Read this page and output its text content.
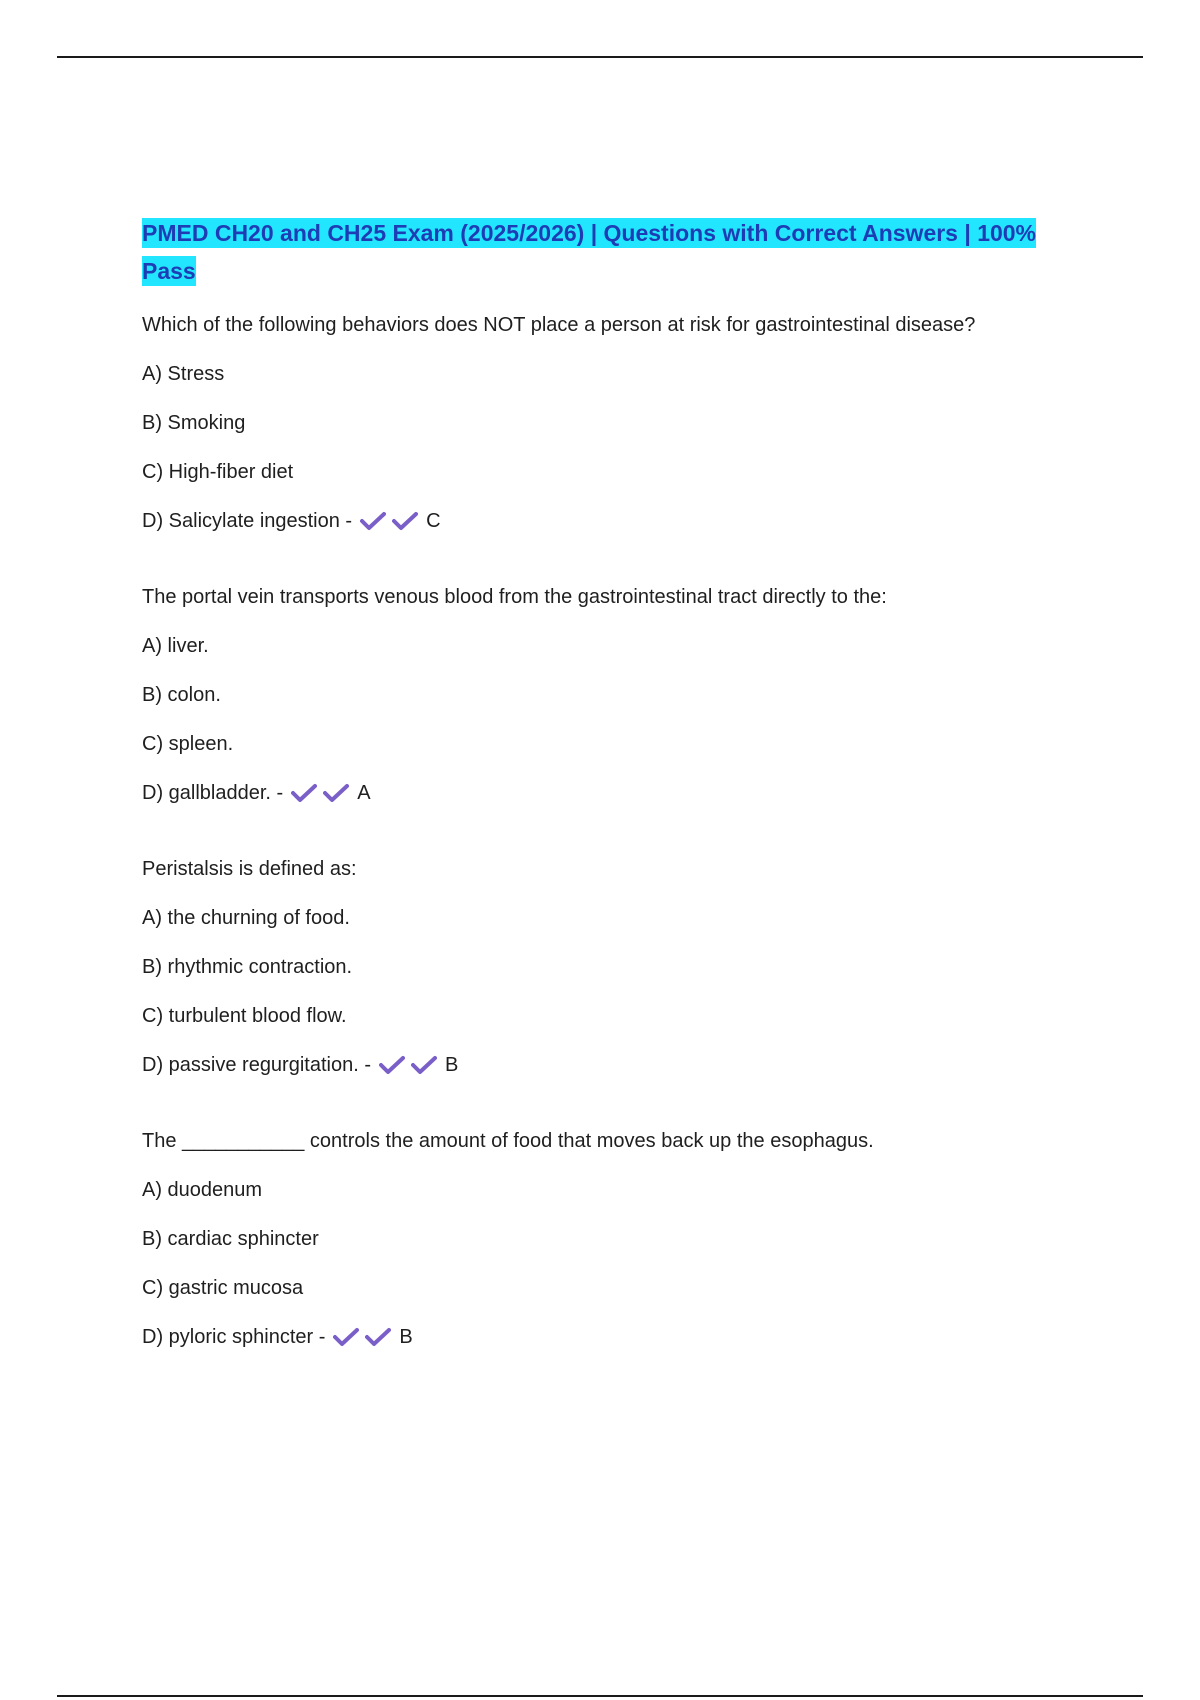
PMED CH20 and CH25 Exam (2025/2026) | Questions with Correct Answers | 100% Pass
Which of the following behaviors does NOT place a person at risk for gastrointestinal disease?
A) Stress
B) Smoking
C) High-fiber diet
D) Salicylate ingestion -	C
The portal vein transports venous blood from the gastrointestinal tract directly to the:
A) liver.
B) colon.
C) spleen.
D) gallbladder. -	A
Peristalsis is defined as:
A) the churning of food.
B) rhythmic contraction.
C) turbulent blood flow.
D) passive regurgitation. -	B
The ___________ controls the amount of food that moves back up the esophagus.
A) duodenum
B) cardiac sphincter
C) gastric mucosa
D) pyloric sphincter -	B
